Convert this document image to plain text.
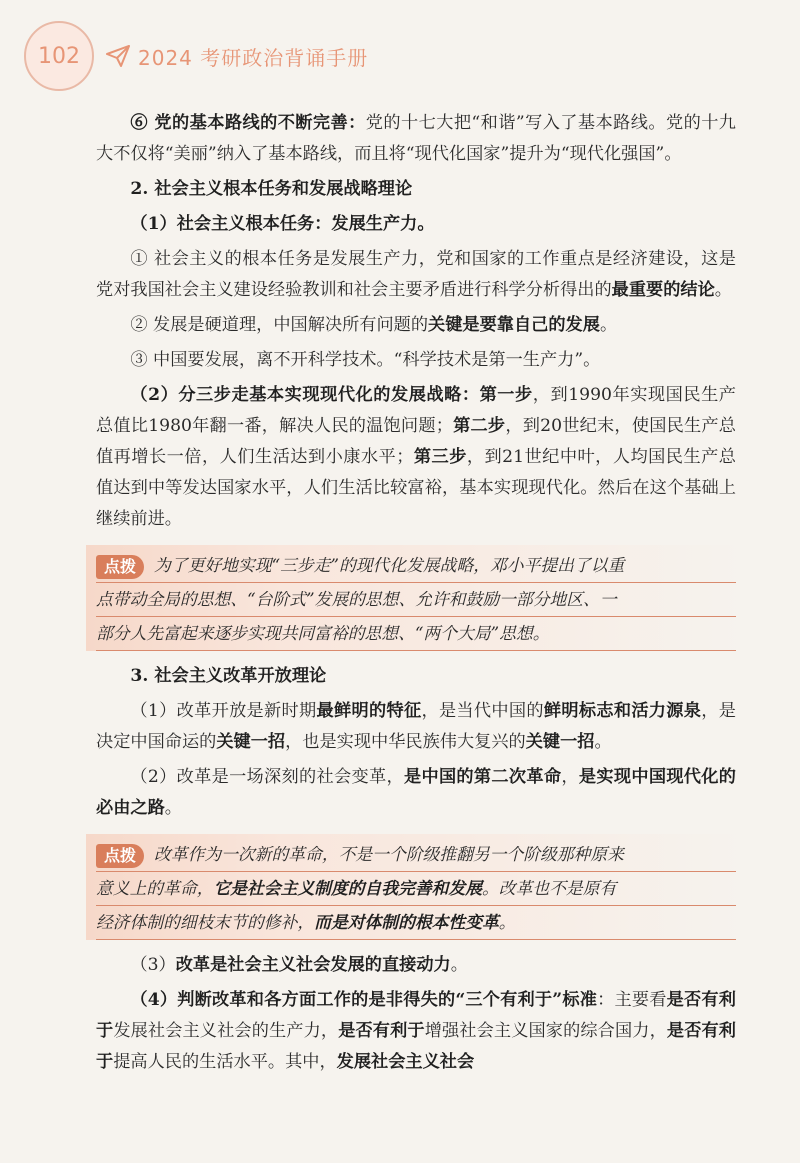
102	2024 考研政治背诵手册

⑥ 党的基本路线的不断完善：党的十七大把“和谐”写入了基本路线。党的十九大不仅将“美丽”纳入了基本路线，而且将“现代化国家”提升为“现代化强国”。

2. 社会主义根本任务和发展战略理论

（1）社会主义根本任务：发展生产力。

① 社会主义的根本任务是发展生产力，党和国家的工作重点是经济建设，这是党对我国社会主义建设经验教训和社会主要矛盾进行科学分析得出的最重要的结论。

② 发展是硬道理，中国解决所有问题的关键是要靠自己的发展。

③ 中国要发展，离不开科学技术。“科学技术是第一生产力”。

（2）分三步走基本实现现代化的发展战略：第一步，到1990年实现国民生产总值比1980年翻一番，解决人民的温饱问题；第二步，到20世纪末，使国民生产总值再增长一倍，人们生活达到小康水平；第三步，到21世纪中叶，人均国民生产总值达到中等发达国家水平，人们生活比较富裕，基本实现现代化。然后在这个基础上继续前进。

点拨 为了更好地实现“三步走”的现代化发展战略，邓小平提出了以重
点带动全局的思想、“台阶式”发展的思想、允许和鼓励一部分地区、一
部分人先富起来逐步实现共同富裕的思想、“两个大局”思想。

3. 社会主义改革开放理论

（1）改革开放是新时期最鲜明的特征，是当代中国的鲜明标志和活力源泉，是决定中国命运的关键一招，也是实现中华民族伟大复兴的关键一招。

（2）改革是一场深刻的社会变革，是中国的第二次革命，是实现中国现代化的必由之路。

点拨 改革作为一次新的革命，不是一个阶级推翻另一个阶级那种原来
意义上的革命，它是社会主义制度的自我完善和发展。改革也不是原有
经济体制的细枝末节的修补，而是对体制的根本性变革。

（3）改革是社会主义社会发展的直接动力。

（4）判断改革和各方面工作的是非得失的“三个有利于”标准：主要看是否有利于发展社会主义社会的生产力，是否有利于增强社会主义国家的综合国力，是否有利于提高人民的生活水平。其中，发展社会主义社会
